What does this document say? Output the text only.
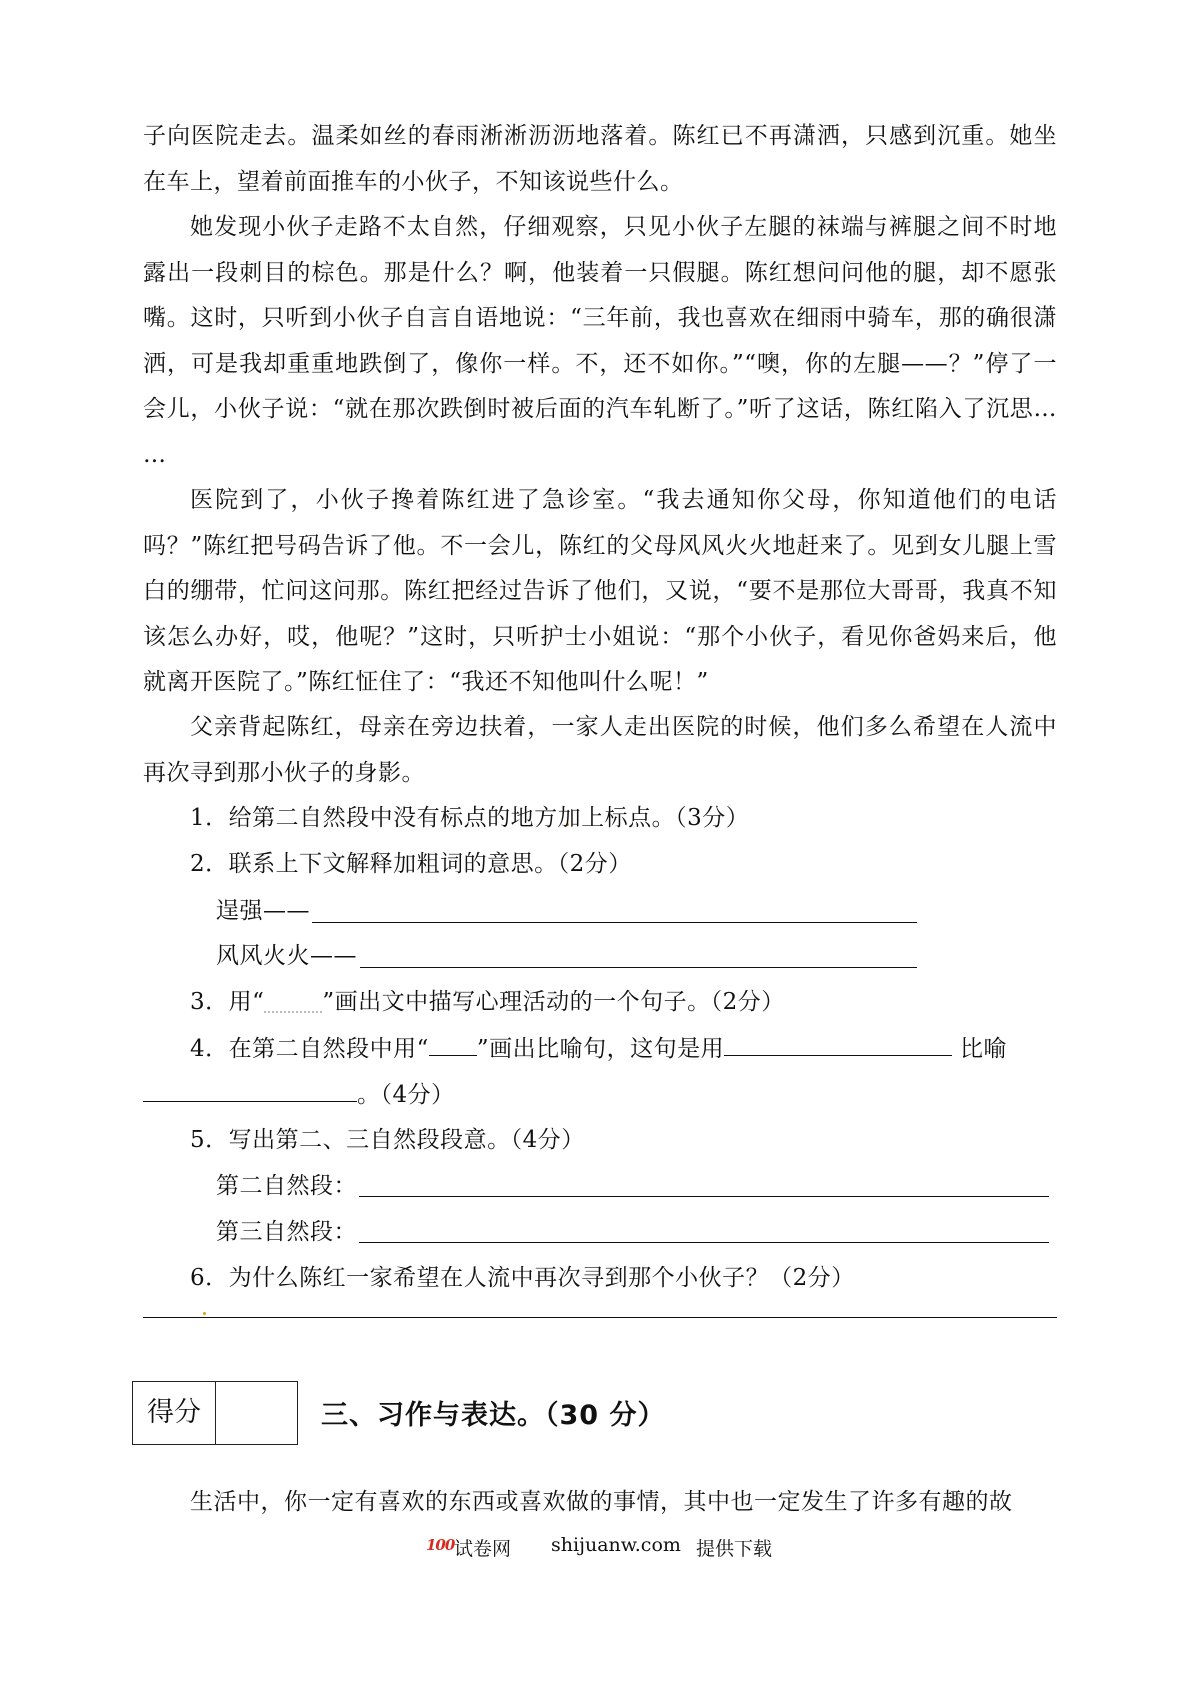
子向医院走去。温柔如丝的春雨淅淅沥沥地落着。陈红已不再潇洒，只感到沉重。她坐在车上，望着前面推车的小伙子，不知该说些什么。

她发现小伙子走路不太自然，仔细观察，只见小伙子左腿的袜端与裤腿之间不时地露出一段刺目的棕色。那是什么？啊，他装着一只假腿。陈红想问问他的腿，却不愿张嘴。这时，只听到小伙子自言自语地说：“三年前，我也喜欢在细雨中骑车，那的确很潇洒，可是我却重重地跌倒了，像你一样。不，还不如你。”“噢，你的左腿——？”停了一会儿，小伙子说：“就在那次跌倒时被后面的汽车轧断了。”听了这话，陈红陷入了沉思… …

医院到了，小伙子搀着陈红进了急诊室。“我去通知你父母，你知道他们的电话吗？”陈红把号码告诉了他。不一会儿，陈红的父母风风火火地赶来了。见到女儿腿上雪白的绷带，忙问这问那。陈红把经过告诉了他们，又说，“要不是那位大哥哥，我真不知该怎么办好，哎，他呢？”这时，只听护士小姐说：“那个小伙子，看见你爸妈来后，他就离开医院了。”陈红怔住了：“我还不知他叫什么呢！”

父亲背起陈红，母亲在旁边扶着，一家人走出医院的时候，他们多么希望在人流中再次寻到那小伙子的身影。

1．给第二自然段中没有标点的地方加上标点。（3分）
2．联系上下文解释加粗词的意思。（2分）
逞强——
风风火火——
3．用“	”画出文中描写心理活动的一个句子。（2分）
4．在第二自然段中用“ ”画出比喻句，这句是用	比喻
。（4分）
5．写出第二、三自然段段意。（4分）
第二自然段：
第三自然段：
6．为什么陈红一家希望在人流中再次寻到那个小伙子？（2分）
得分	三、习作与表达。（30 分）
生活中，你一定有喜欢的东西或喜欢做的事情，其中也一定发生了许多有趣的故
100 试卷网 shijuanw.com 提供下载
